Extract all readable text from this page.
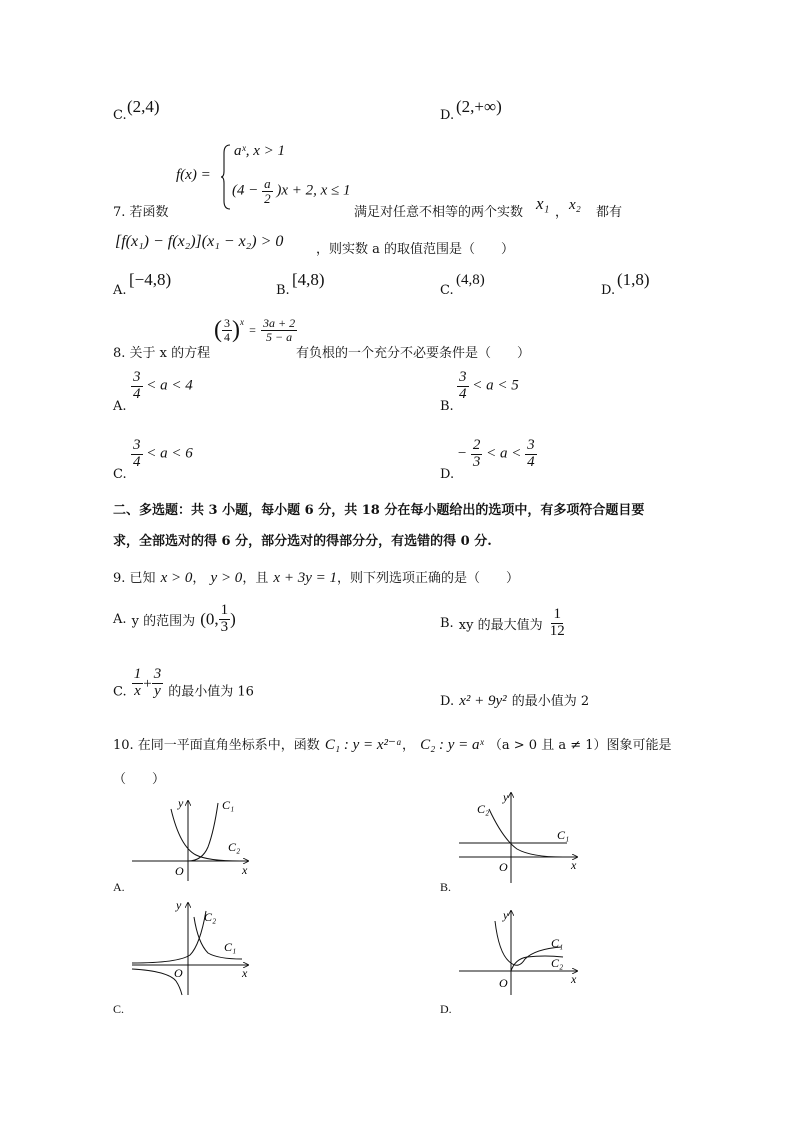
C. (2,4)	D. (2,+∞)
7. 若函数
f(x) =
aˣ, x > 1
$(4 - \frac{a}{2} )x + 2$, x ≤ 1
满足对任意不相等的两个实数 x₁ ， x₂ 都有
[f(x₁) − f(x₂)](x₁ − x₂) > 0	，则实数 a 的取值范围是（　　）
A.
[−4,8)
B.
[4,8)
C.
(4,8)
D.
(1,8)
8. 关于 x 的方程
( $\frac{3}{4} )^x = \frac{3a + 2}{5 - a}$
有负根的一个充分不必要条件是（　　）
A.
$\frac{3}{4} < a < 4$
B.
$\frac{3}{4} < a < 5$
C.
$\frac{3}{4} < a < 6$
D.
− $\frac{2}{3} < a < \frac{3}{4}$
二、多选题：共 3 小题，每小题 6 分，共 18 分在每小题给出的选项中，有多项符合题目要
求，全部选对的得 6 分，部分选对的得部分分，有选错的得 0 分.
9. 已知 x > 0， y > 0，且 x + 3y = 1，则下列选项正确的是（　　）
A. y 的范围为 (0, $\frac{1}{3}$ )	B. xy 的最大值为 $\frac{1}{12}$
C. $\frac{1}{x} + \frac{3}{y}$ 的最小值为 16
D. x² + 9y² 的最小值为 2
10. 在同一平面直角坐标系中，函数 C₁ : y = x²⁻ᵃ， C₂ : y = aˣ （a > 0 且 a ≠ 1）图象可能是
（　　）
y
x
O
C₁
C₂
A.
y
x
O
C₁
C₂
B.
y
x
O
C₁
C₂
C.
y
x
O
C₁
C₂
D.
